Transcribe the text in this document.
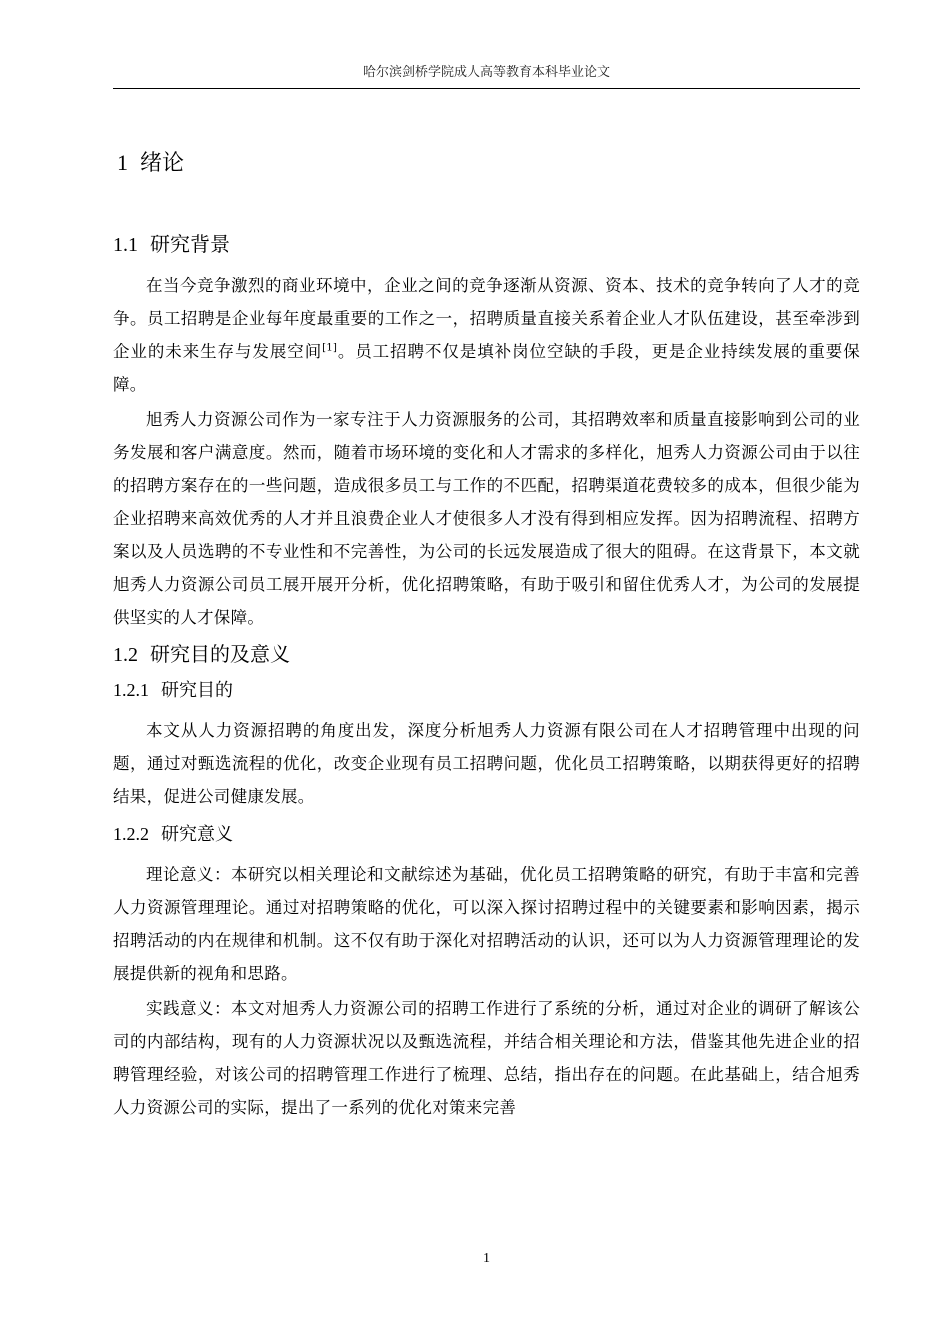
哈尔滨剑桥学院成人高等教育本科毕业论文
1 绪论
1.1 研究背景

在当今竞争激烈的商业环境中，企业之间的竞争逐渐从资源、资本、技术的竞争转向了人才的竞争。员工招聘是企业每年度最重要的工作之一，招聘质量直接关系着企业人才队伍建设，甚至牵涉到企业的未来生存与发展空间[1]。员工招聘不仅是填补岗位空缺的手段，更是企业持续发展的重要保障。

旭秀人力资源公司作为一家专注于人力资源服务的公司，其招聘效率和质量直接影响到公司的业务发展和客户满意度。然而，随着市场环境的变化和人才需求的多样化，旭秀人力资源公司由于以往的招聘方案存在的一些问题，造成很多员工与工作的不匹配，招聘渠道花费较多的成本，但很少能为企业招聘来高效优秀的人才并且浪费企业人才使很多人才没有得到相应发挥。因为招聘流程、招聘方案以及人员选聘的不专业性和不完善性，为公司的长远发展造成了很大的阻碍。在这背景下，本文就旭秀人力资源公司员工展开展开分析，优化招聘策略，有助于吸引和留住优秀人才，为公司的发展提供坚实的人才保障。

1.2 研究目的及意义
1.2.1 研究目的

本文从人力资源招聘的角度出发，深度分析旭秀人力资源有限公司在人才招聘管理中出现的问题，通过对甄选流程的优化，改变企业现有员工招聘问题，优化员工招聘策略，以期获得更好的招聘结果，促进公司健康发展。

1.2.2 研究意义

理论意义：本研究以相关理论和文献综述为基础，优化员工招聘策略的研究，有助于丰富和完善人力资源管理理论。通过对招聘策略的优化，可以深入探讨招聘过程中的关键要素和影响因素，揭示招聘活动的内在规律和机制。这不仅有助于深化对招聘活动的认识，还可以为人力资源管理理论的发展提供新的视角和思路。

实践意义：本文对旭秀人力资源公司的招聘工作进行了系统的分析，通过对企业的调研了解该公司的内部结构，现有的人力资源状况以及甄选流程，并结合相关理论和方法，借鉴其他先进企业的招聘管理经验，对该公司的招聘管理工作进行了梳理、总结，指出存在的问题。在此基础上，结合旭秀人力资源公司的实际，提出了一系列的优化对策来完善

1
